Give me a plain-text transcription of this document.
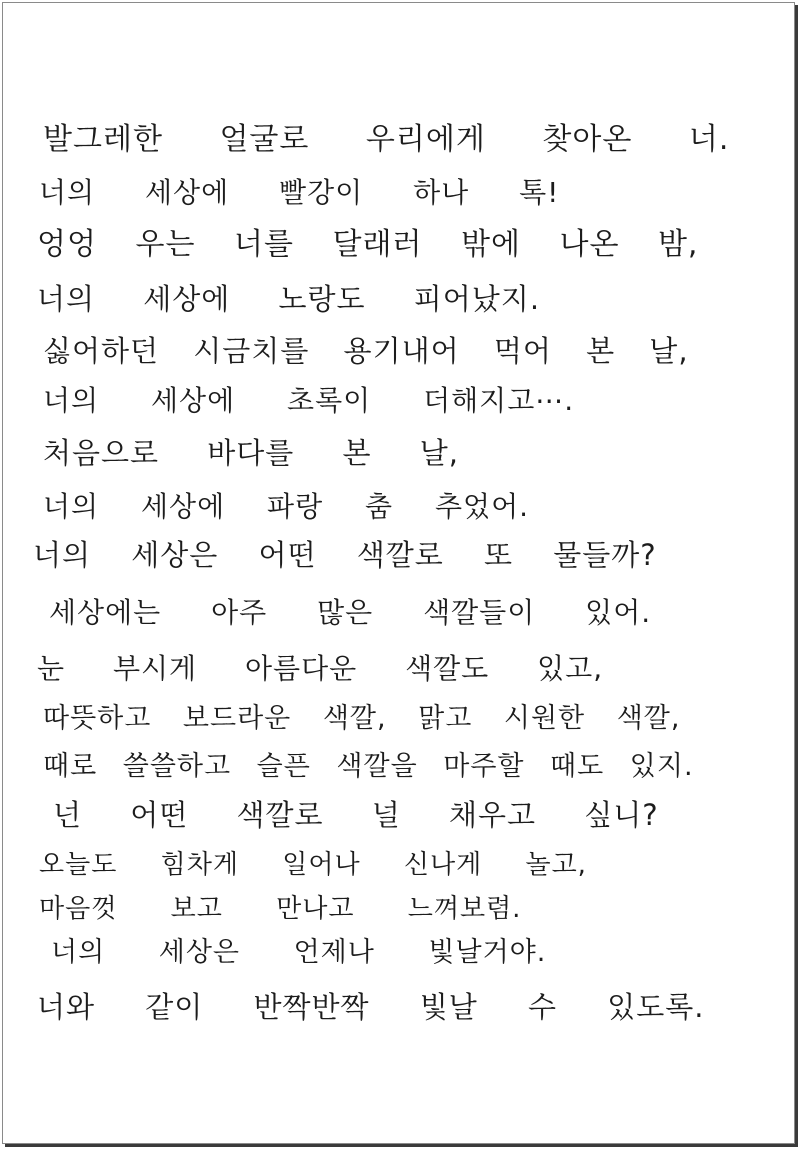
발그레한 얼굴로 우리에게 찾아온 너.
너의 세상에 빨강이 하나 톡!
엉엉 우는 너를 달래러 밖에 나온 밤,
너의 세상에 노랑도 피어났지.
싫어하던 시금치를 용기내어 먹어 본 날,
너의 세상에 초록이 더해지고⋯.
처음으로 바다를 본 날,
너의 세상에 파랑 춤 추었어.
너의 세상은 어떤 색깔로 또 물들까?
세상에는 아주 많은 색깔들이 있어.
눈 부시게 아름다운 색깔도 있고,
따뜻하고 보드라운 색깔, 맑고 시원한 색깔,
때로 쓸쓸하고 슬픈 색깔을 마주할 때도 있지.
넌 어떤 색깔로 널 채우고 싶니?
오늘도 힘차게 일어나 신나게 놀고,
마음껏 보고 만나고 느껴보렴.
너의 세상은 언제나 빛날거야.
너와 같이 반짝반짝 빛날 수 있도록.
